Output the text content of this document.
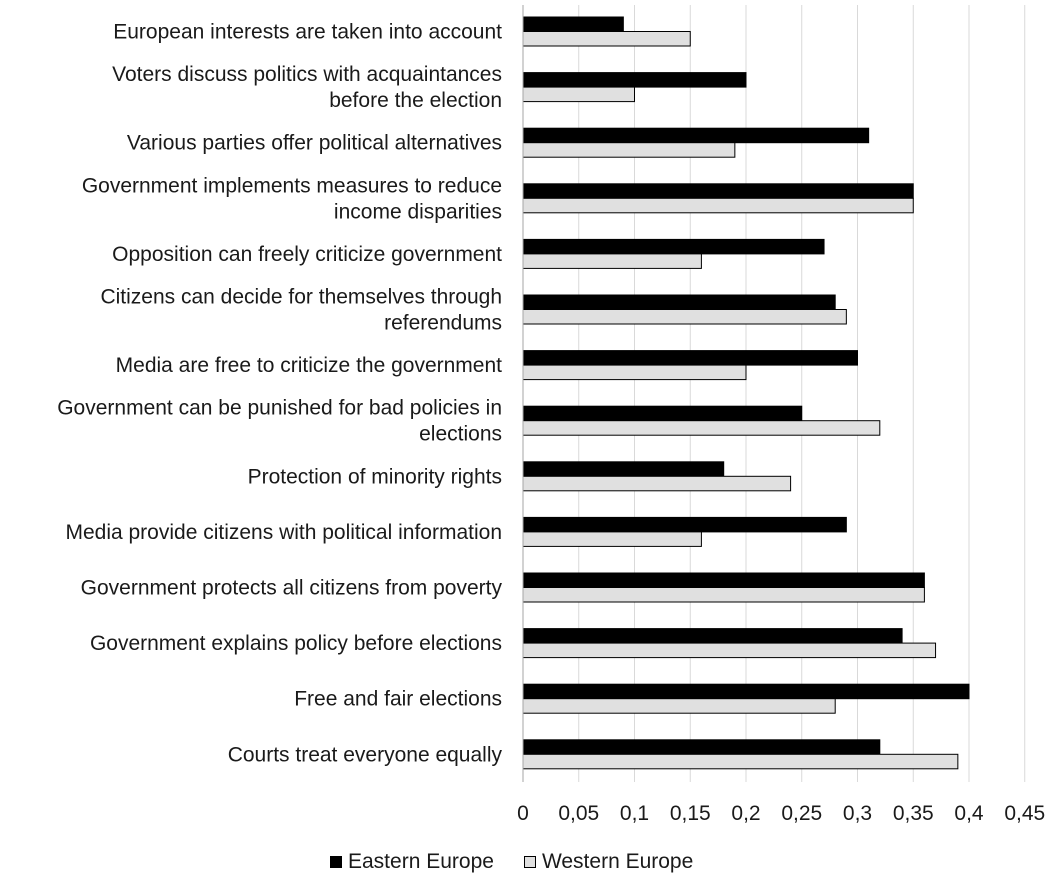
European interests are taken into account
Voters discuss politics with acquaintances
before the election
Various parties offer political alternatives
Government implements measures to reduce
income disparities
Opposition can freely criticize government
Citizens can decide for themselves through
referendums
Media are free to criticize the government
Government can be punished for bad policies in
elections
Protection of minority rights
Media provide citizens with political information
Government protects all citizens from poverty
Government explains policy before elections
Free and fair elections
Courts treat everyone equally
0 0,05 0,1 0,15 0,2 0,25 0,3 0,35 0,4 0,45
Eastern Europe Western Europe
